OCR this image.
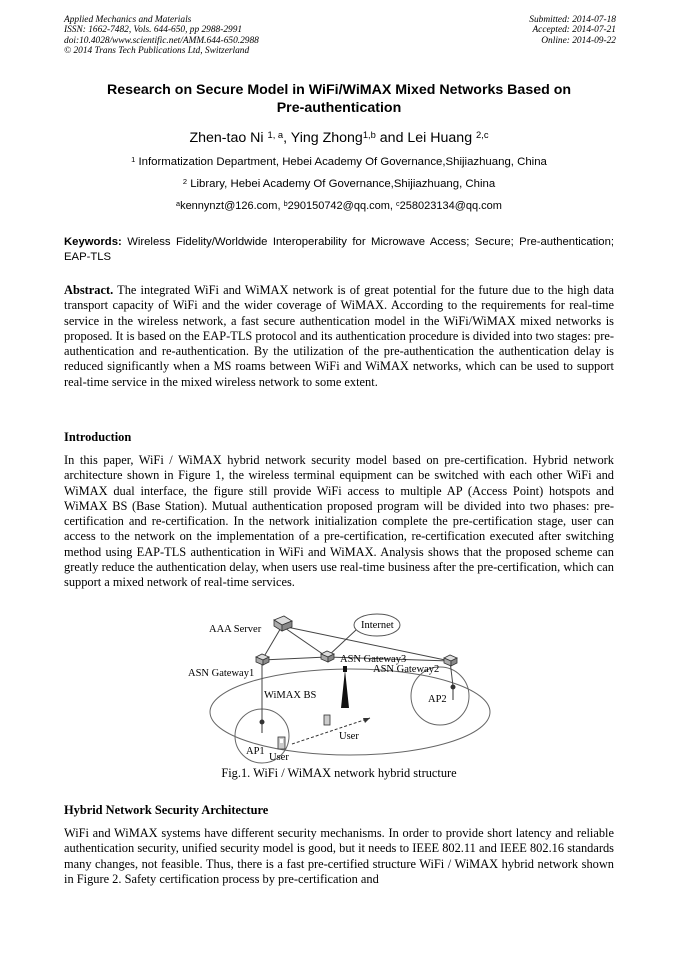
Applied Mechanics and Materials
ISSN: 1662-7482, Vols. 644-650, pp 2988-2991
doi:10.4028/www.scientific.net/AMM.644-650.2988
© 2014 Trans Tech Publications Ltd, Switzerland
Submitted: 2014-07-18
Accepted: 2014-07-21
Online: 2014-09-22
Research on Secure Model in WiFi/WiMAX Mixed Networks Based on
Pre-authentication
Zhen-tao Ni $^{1, a}$, Ying Zhong$^{1,b}$ and Lei Huang $^{2,c}$
$^1$ Informatization Department, Hebei Academy Of Governance,Shijiazhuang, China
$^2$ Library, Hebei Academy Of Governance,Shijiazhuang, China
$^a$kennynzt@126.com, $^b$290150742@qq.com, $^c$258023134@qq.com
Keywords: Wireless Fidelity/Worldwide Interoperability for Microwave Access; Secure; Pre-authentication; EAP-TLS
Abstract. The integrated WiFi and WiMAX network is of great potential for the future due to the high data transport capacity of WiFi and the wider coverage of WiMAX. According to the requirements for real-time service in the wireless network, a fast secure authentication model in the WiFi/WiMAX mixed networks is proposed. It is based on the EAP-TLS protocol and its authentication procedure is divided into two stages: pre-authentication and re-authentication. By the utilization of the pre-authentication the authentication delay is reduced significantly when a MS roams between WiFi and WiMAX networks, which can be used to support real-time service in the mixed wireless network to some extent.
Introduction
In this paper, WiFi / WiMAX hybrid network security model based on pre-certification. Hybrid network architecture shown in Figure 1, the wireless terminal equipment can be switched with each other WiFi and WiMAX dual interface, the figure still provide WiFi access to multiple AP (Access Point) hotspots and WiMAX BS (Base Station). Mutual authentication proposed program will be divided into two phases: pre-certification and re-certification. In the network initialization complete the pre-certification stage, user can access to the network on the implementation of a pre-certification, re-certification executed after switching method using EAP-TLS authentication in WiFi and WiMAX. Analysis shows that the proposed scheme can greatly reduce the authentication delay, when users use real-time business after the pre-certification, which can support a mixed network of real-time services.
AAA Server	Internet
ASN Gateway1
ASN Gateway3
ASN Gateway2
WiMAX BS	AP2
User
AP1
User
Fig.1. WiFi / WiMAX network hybrid structure
Hybrid Network Security Architecture
WiFi and WiMAX systems have different security mechanisms. In order to provide short latency and reliable authentication security, unified security model is good, but it needs to IEEE 802.11 and IEEE 802.16 standards many changes, not feasible. Thus, there is a fast pre-certified structure WiFi / WiMAX hybrid network shown in Figure 2. Safety certification process by pre-certification and
